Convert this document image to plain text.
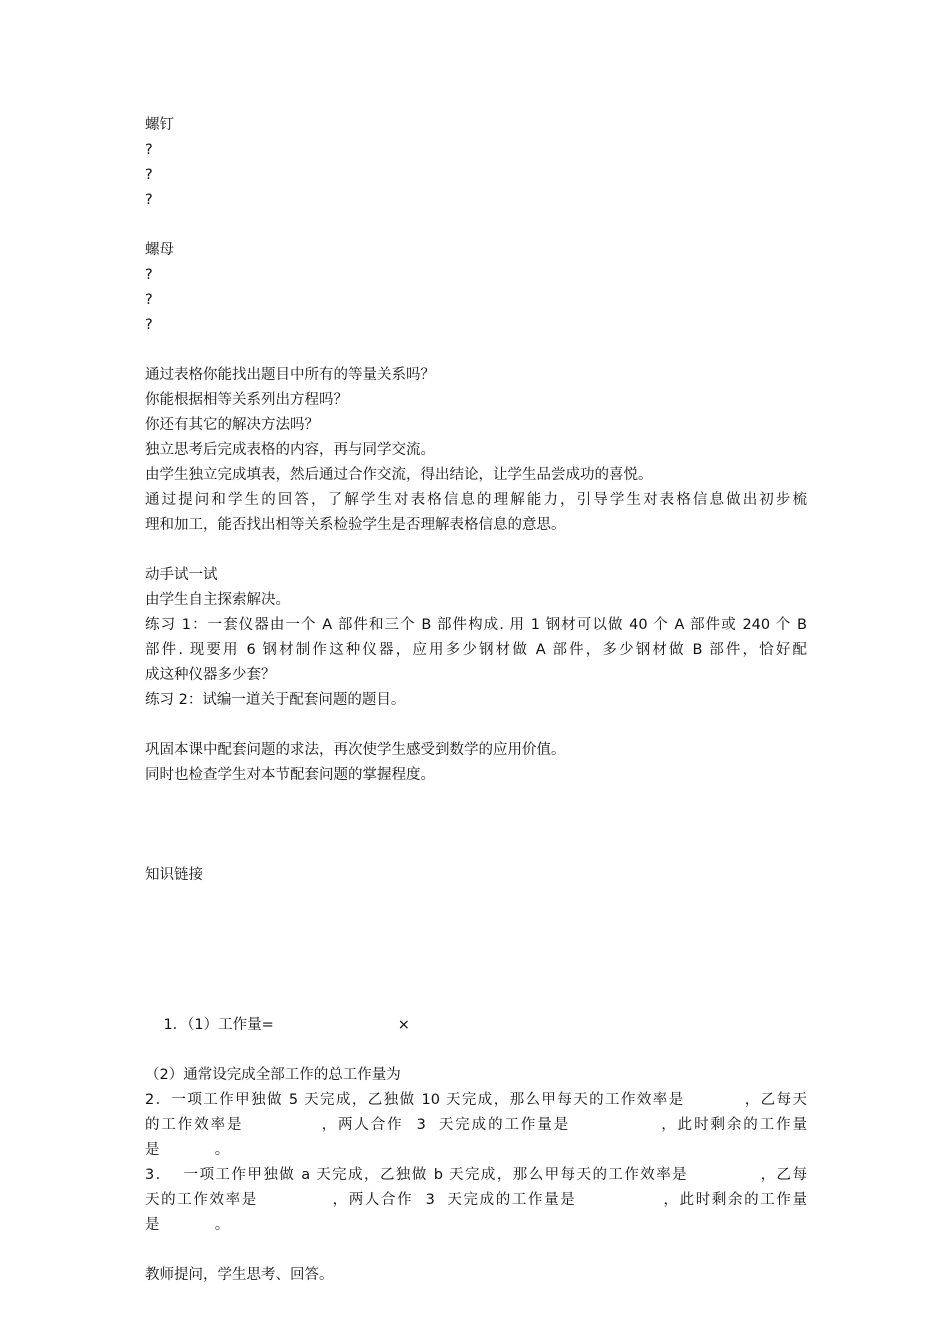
螺钉
?
?
?
螺母
?
?
?
通过表格你能找出题目中所有的等量关系吗？
你能根据相等关系列出方程吗？
你还有其它的解决方法吗？
独立思考后完成表格的内容，再与同学交流。
由学生独立完成填表，然后通过合作交流，得出结论，让学生品尝成功的喜悦。
通过提问和学生的回答，了解学生对表格信息的理解能力，引导学生对表格信息做出初步梳
理和加工，能否找出相等关系检验学生是否理解表格信息的意思。
动手试一试
由学生自主探索解决。
练习 1：一套仪器由一个 A 部件和三个 B 部件构成. 用 1 钢材可以做 40 个 A 部件或 240 个 B
部件. 现要用 6 钢材制作这种仪器，应用多少钢材做 A 部件，多少钢材做 B 部件，恰好配
成这种仪器多少套？
练习 2：试编一道关于配套问题的题目。
巩固本课中配套问题的求法，再次使学生感受到数学的应用价值。
同时也检查学生对本节配套问题的掌握程度。
知识链接

1．（1）工作量=	×

（2）通常设完成全部工作的总工作量为
2．一项工作甲独做 5 天完成，乙独做 10 天完成，那么甲每天的工作效率是          ，乙每天
的工作效率是            ，两人合作  3  天完成的工作量是              ，此时剩余的工作量
是            。
3．  一项工作甲独做 a 天完成，乙独做 b 天完成，那么甲每天的工作效率是            ，乙每
天的工作效率是            ，两人合作  3  天完成的工作量是              ，此时剩余的工作量
是            。
教师提问，学生思考、回答。
